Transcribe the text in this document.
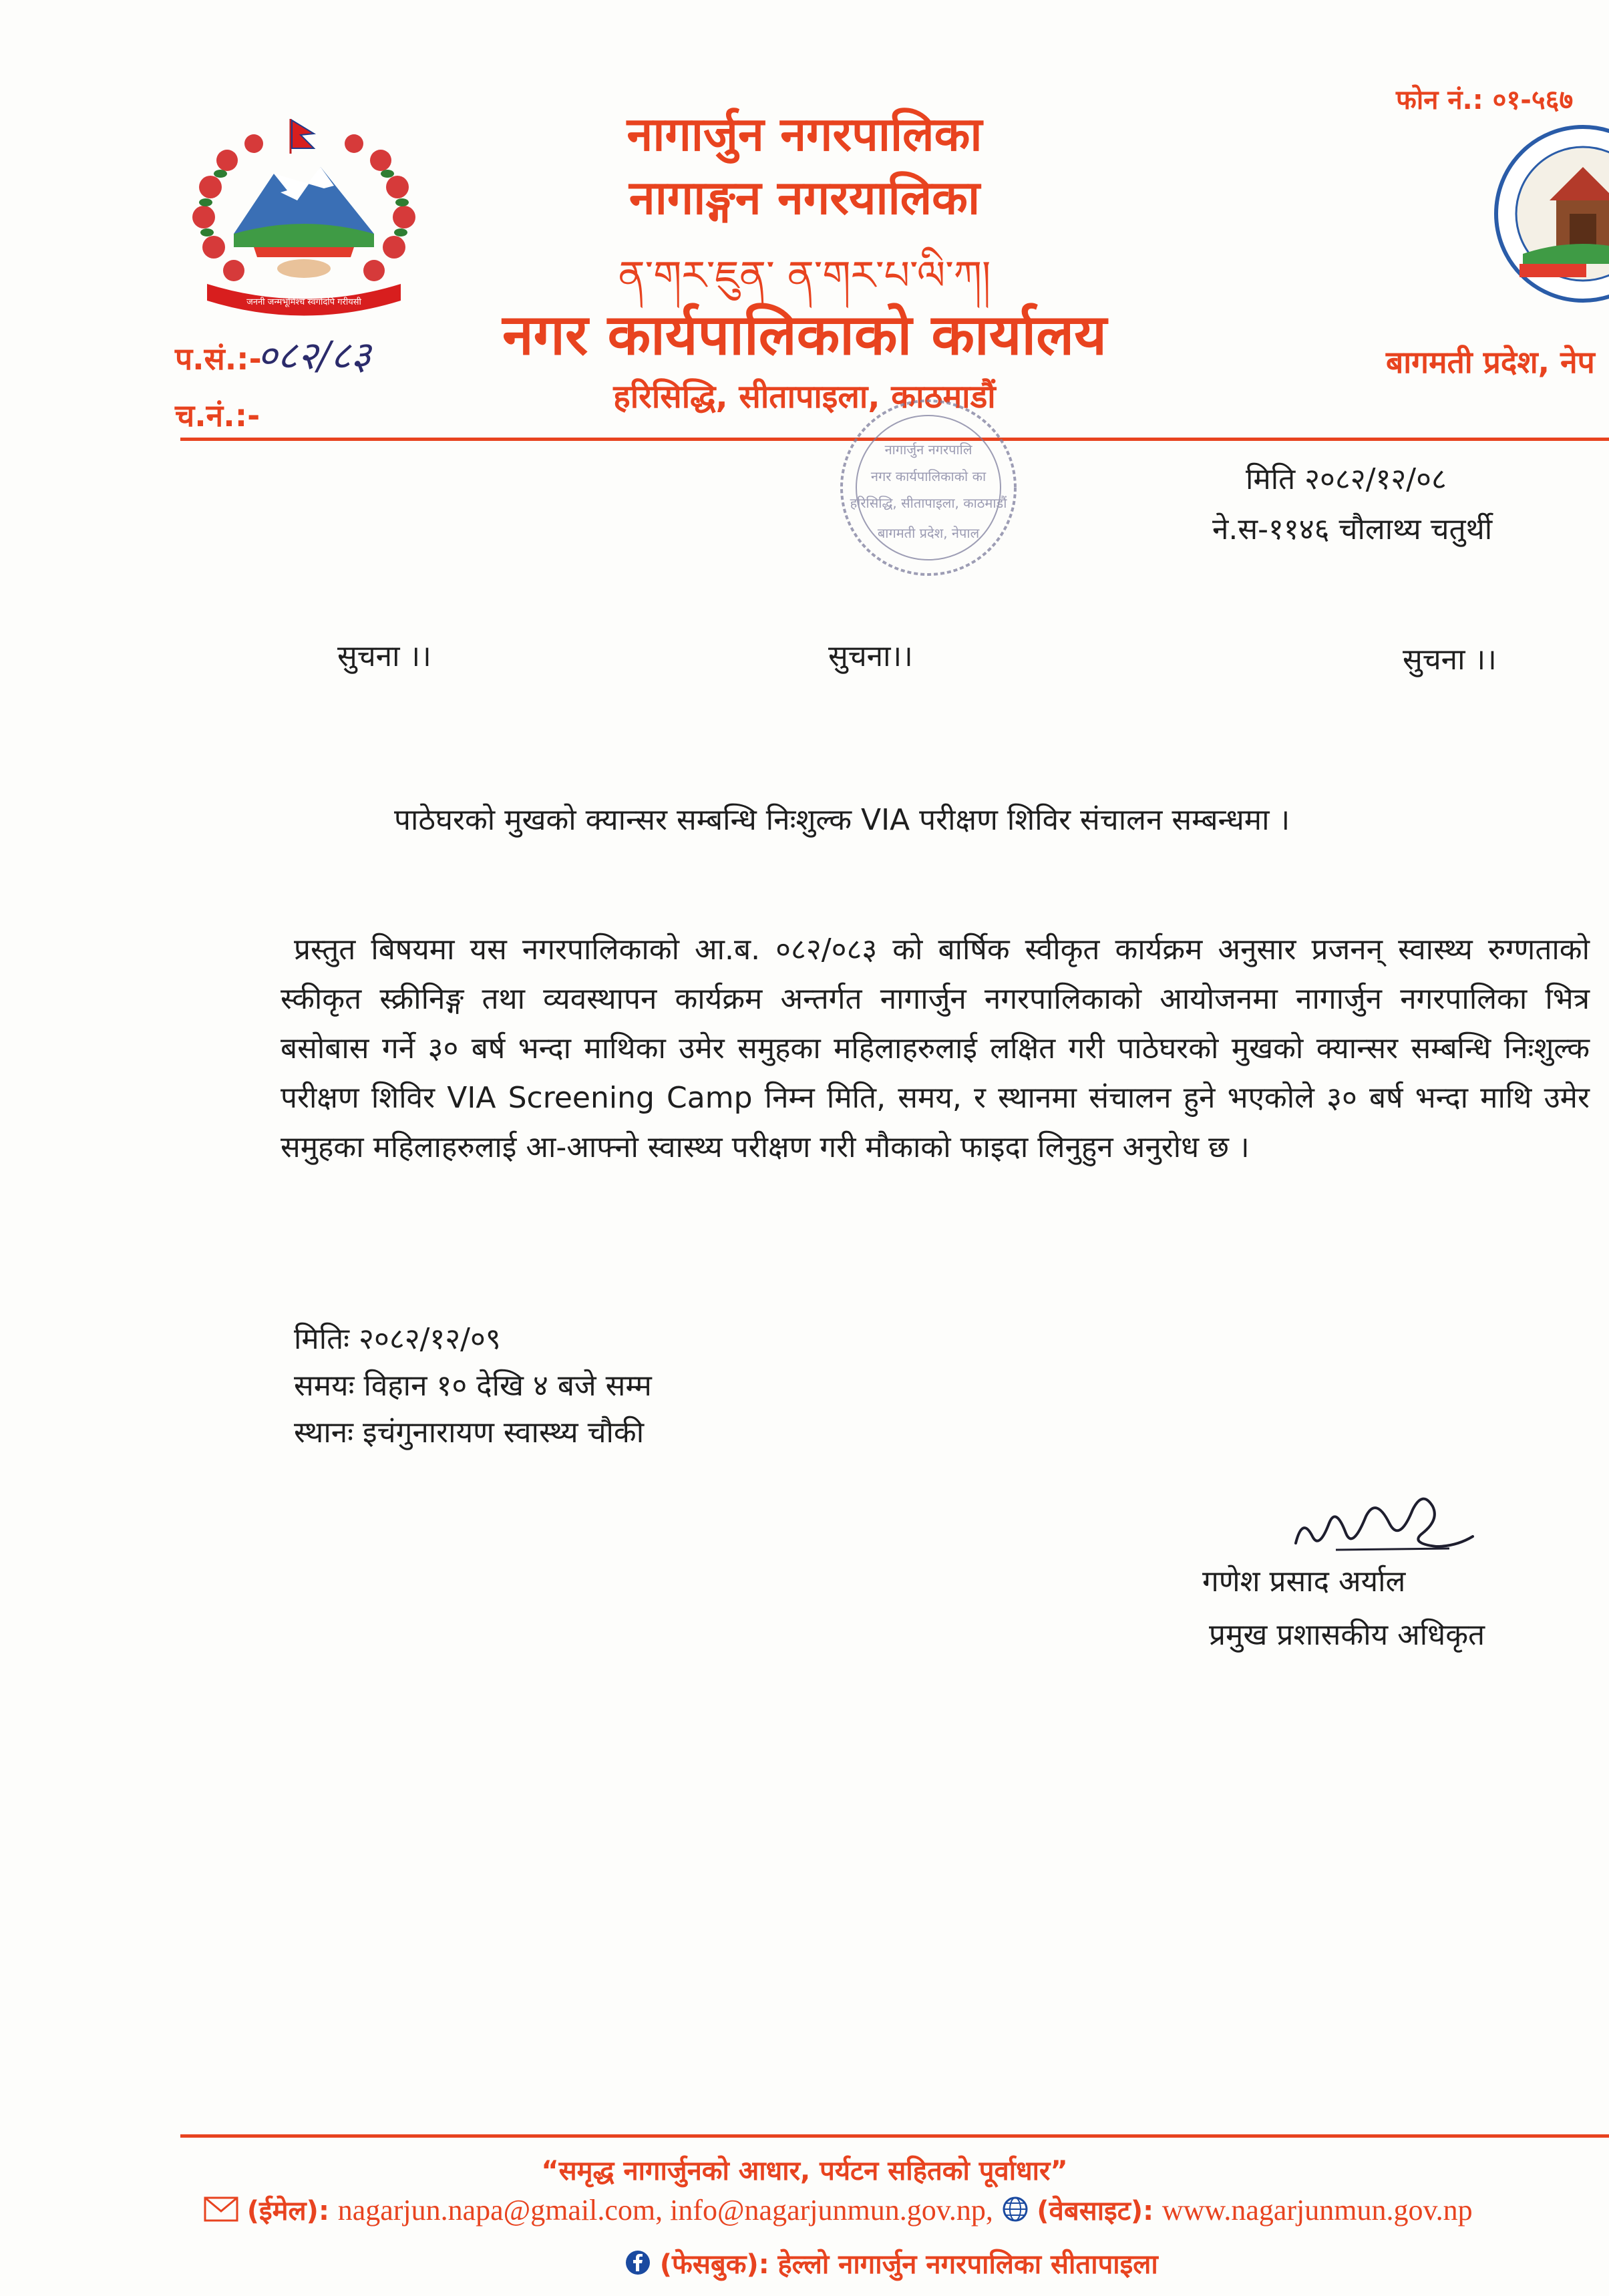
जननी जन्मभूमिश्च स्वर्गादपि गरीयसी
नागार्जुन नगरपालिका
नागाङ्गन नगरयालिका
ན་གར་ཇུན་ ན་གར་པ་ལི་ཀ།
नगर कार्यपालिकाको कार्यालय
हरिसिद्धि, सीतापाइला, काठमाडौं
फोन नं.: ०१-५६७
बागमती प्रदेश, नेप
प.सं.:-
०८२/८३
च.नं.:-
नागार्जुन नगरपालि
नगर कार्यपालिकाको का
हरिसिद्धि, सीतापाइला, काठमाडौं
बागमती प्रदेश, नेपाल
मिति २०८२/१२/०८
ने.स-११४६ चौलाथ्य चतुर्थी
सुचना ।।	सुचना।।	सुचना ।।
पाठेघरको मुखको क्यान्सर सम्बन्धि निःशुल्क VIA परीक्षण शिविर संचालन सम्बन्धमा ।
प्रस्तुत बिषयमा यस नगरपालिकाको आ.ब. ०८२/०८३ को बार्षिक स्वीकृत कार्यक्रम अनुसार प्रजनन् स्वास्थ्य रुग्णताको स्कीकृत स्क्रीनिङ्ग तथा व्यवस्थापन कार्यक्रम अन्तर्गत नागार्जुन नगरपालिकाको आयोजनमा नागार्जुन नगरपालिका भित्र बसोबास गर्ने ३० बर्ष भन्दा माथिका उमेर समुहका महिलाहरुलाई लक्षित गरी पाठेघरको मुखको क्यान्सर सम्बन्धि निःशुल्क परीक्षण शिविर VIA Screening Camp निम्न मिति, समय, र स्थानमा संचालन हुने भएकोले ३० बर्ष भन्दा माथि उमेर समुहका महिलाहरुलाई आ-आफ्नो स्वास्थ्य परीक्षण गरी मौकाको फाइदा लिनुहुन अनुरोध छ ।
मितिः २०८२/१२/०९
समयः विहान १० देखि ४ बजे सम्म
स्थानः इचंगुनारायण स्वास्थ्य चौकी
गणेश प्रसाद अर्याल
प्रमुख प्रशासकीय अधिकृत
“समृद्ध नागार्जुनको आधार, पर्यटन सहितको पूर्वाधार”
(ईमेल): nagarjun.napa@gmail.com, info@nagarjunmun.gov.np, (वेबसाइट): www.nagarjunmun.gov.np
(फेसबुक): हेल्लो नागार्जुन नगरपालिका सीतापाइला
